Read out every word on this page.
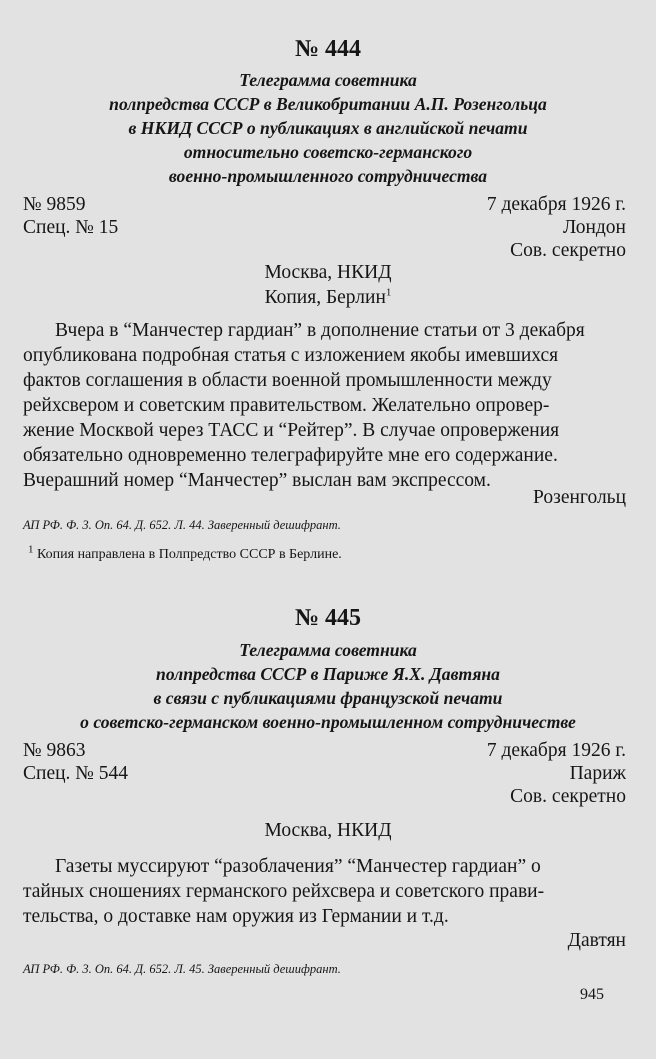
№ 444
Телеграмма советника
полпредства СССР в Великобритании А.П. Розенгольца
в НКИД СССР о публикациях в английской печати
относительно советско-германского
военно-промышленного сотрудничества
№ 9859	7 декабря 1926 г.
Спец. № 15	Лондон
Сов. секретно
Москва, НКИД
Копия, Берлин$^1$
Вчера в “Манчестер гардиан” в дополнение статьи от 3 декабря
опубликована подробная статья с изложением якобы имевшихся
фактов соглашения в области военной промышленности между
рейхсвером и советским правительством. Желательно опровер-
жение Москвой через ТАСС и “Рейтер”. В случае опровержения
обязательно одновременно телеграфируйте мне его содержание.
Вчерашний номер “Манчестер” выслан вам экспрессом.
Розенгольц
АП РФ. Ф. 3. Оп. 64. Д. 652. Л. 44. Заверенный дешифрант.
$^1$ Копия направлена в Полпредство СССР в Берлине.
№ 445
Телеграмма советника
полпредства СССР в Париже Я.Х. Давтяна
в связи с публикациями французской печати
о советско-германском военно-промышленном сотрудничестве
№ 9863	7 декабря 1926 г.
Спец. № 544	Париж
Сов. секретно
Москва, НКИД
Газеты муссируют “разоблачения” “Манчестер гардиан” о
тайных сношениях германского рейхсвера и советского прави-
тельства, о доставке нам оружия из Германии и т.д.
Давтян
АП РФ. Ф. 3. Оп. 64. Д. 652. Л. 45. Заверенный дешифрант.
945
